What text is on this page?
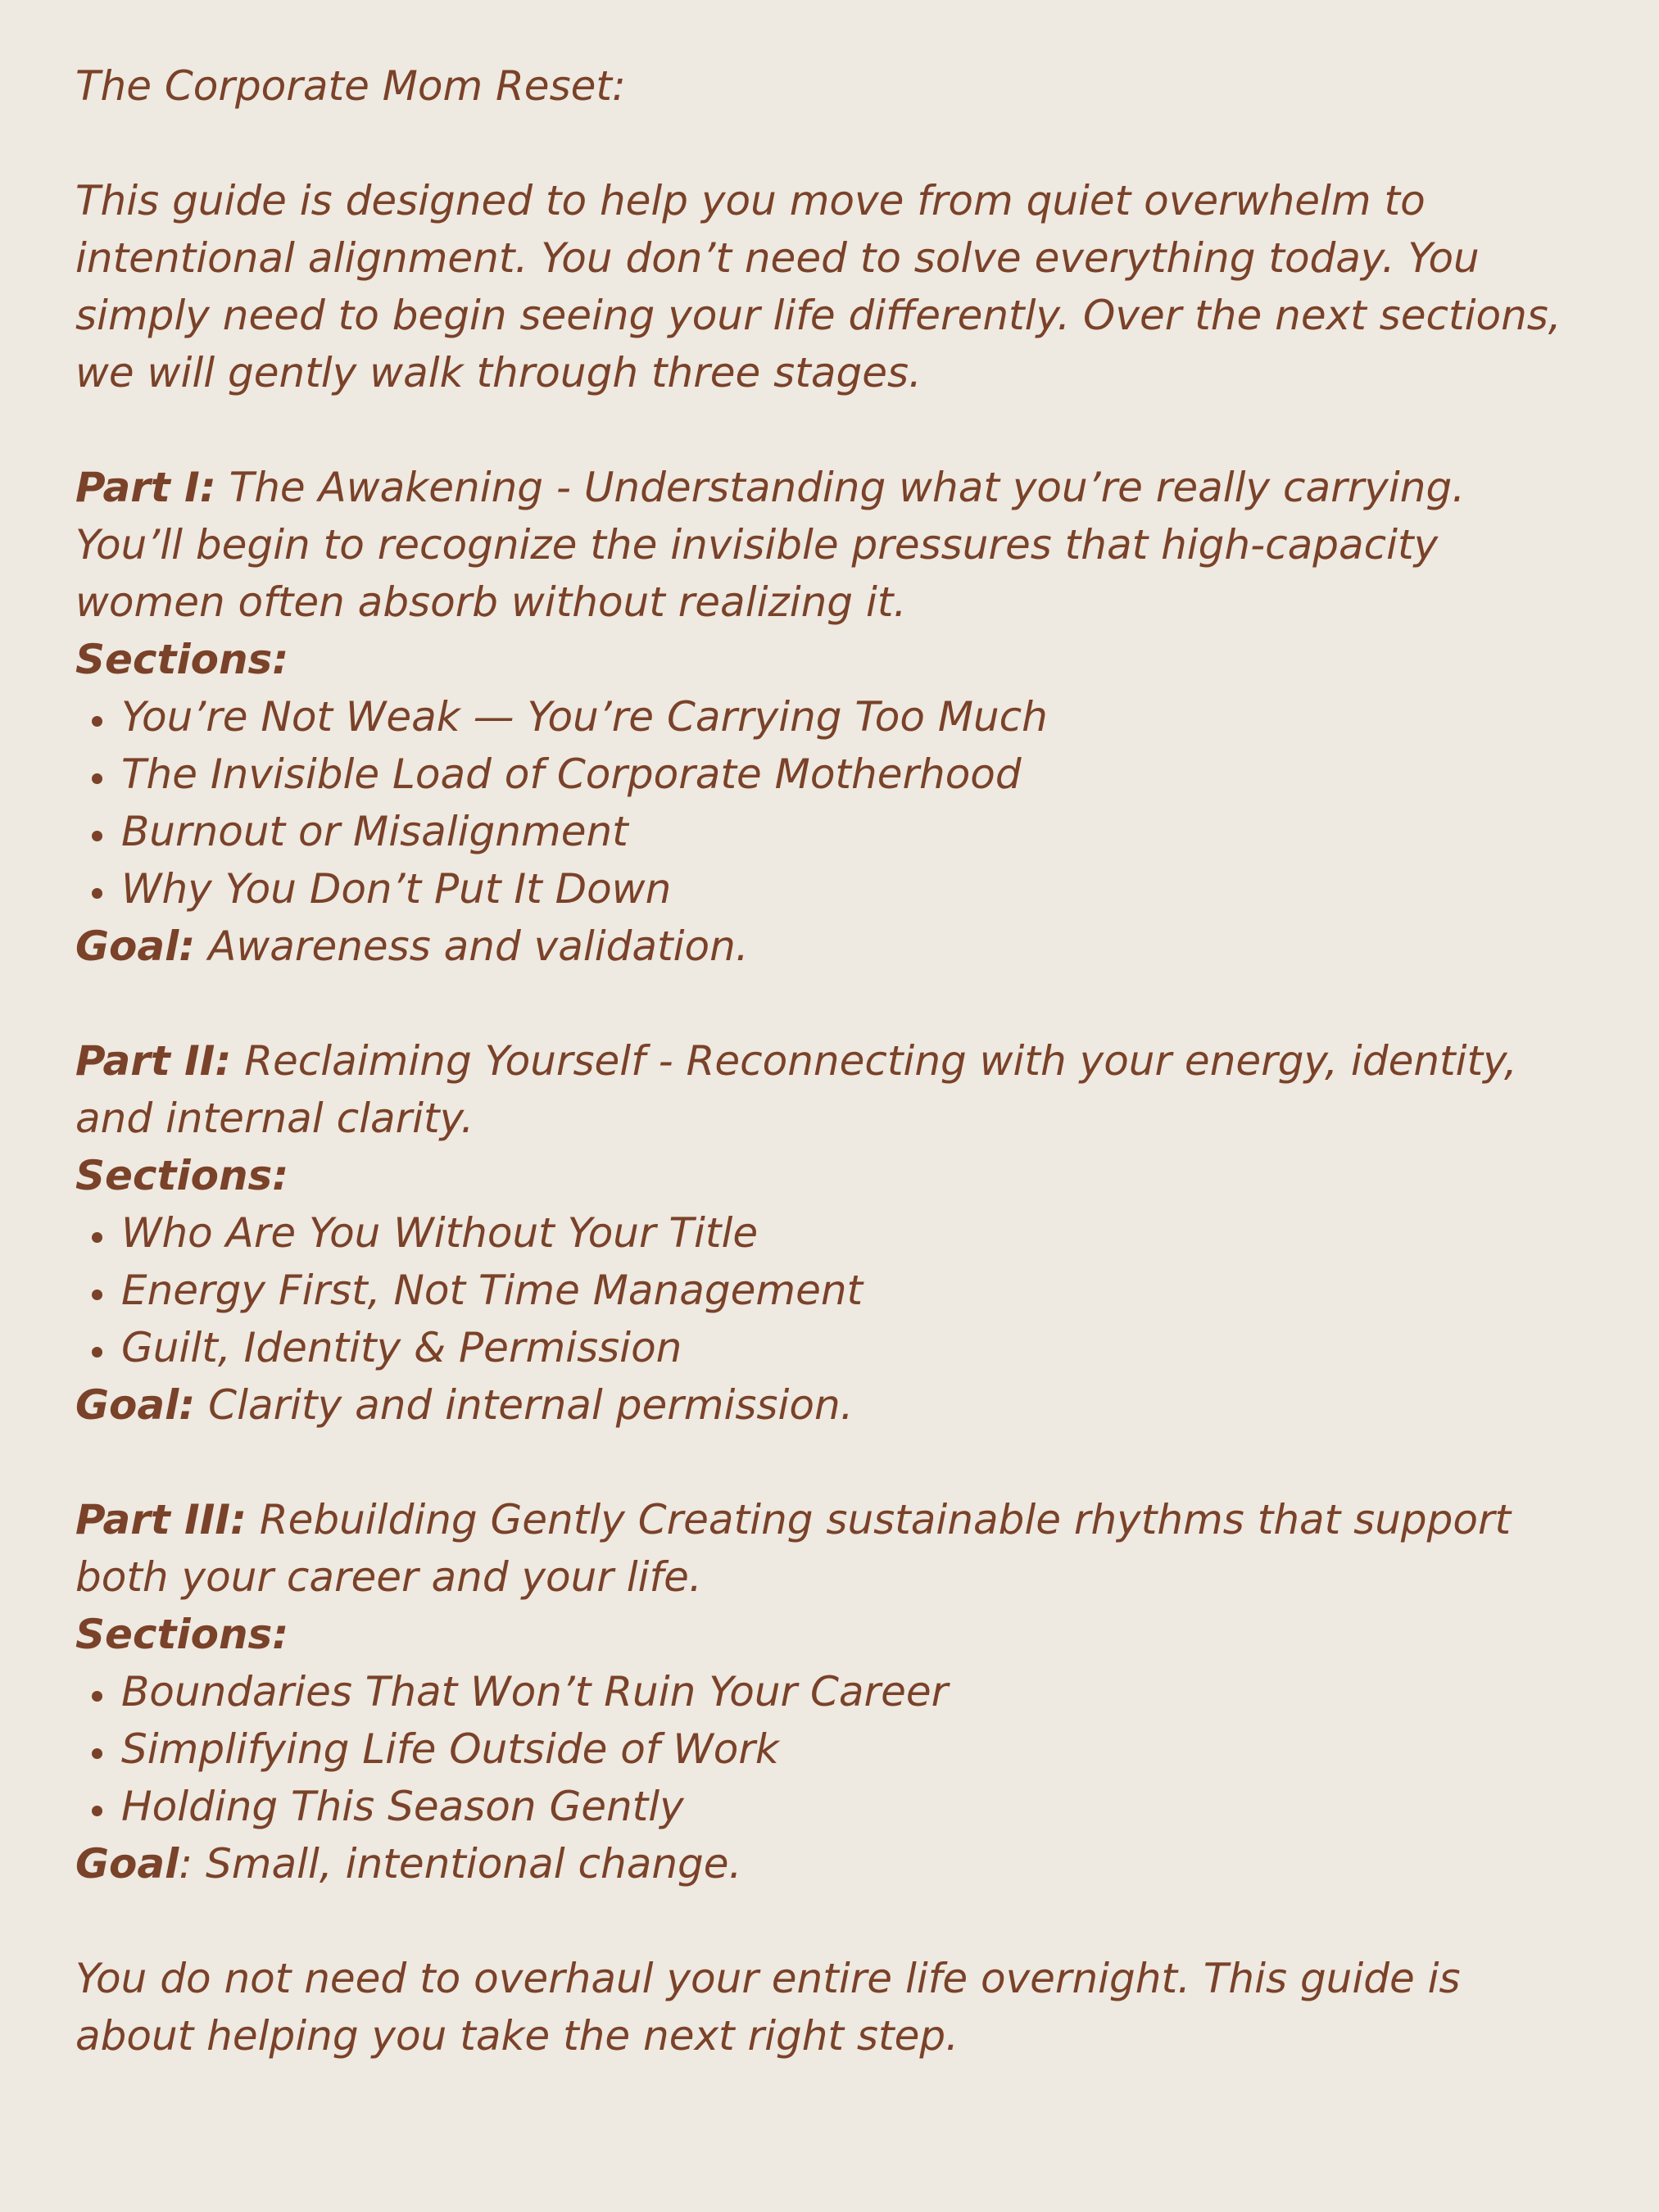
The Corporate Mom Reset:

This guide is designed to help you move from quiet overwhelm to
intentional alignment. You don’t need to solve everything today. You
simply need to begin seeing your life differently. Over the next sections,
we will gently walk through three stages.

Part I: The Awakening - Understanding what you’re really carrying.
You’ll begin to recognize the invisible pressures that high-capacity
women often absorb without realizing it.

Sections:

You’re Not Weak — You’re Carrying Too Much
The Invisible Load of Corporate Motherhood
Burnout or Misalignment
Why You Don’t Put It Down

Goal: Awareness and validation.

Part II: Reclaiming Yourself - Reconnecting with your energy, identity,
and internal clarity.

Sections:

Who Are You Without Your Title
Energy First, Not Time Management
Guilt, Identity & Permission

Goal: Clarity and internal permission.

Part III: Rebuilding Gently Creating sustainable rhythms that support
both your career and your life.

Sections:

Boundaries That Won’t Ruin Your Career
Simplifying Life Outside of Work
Holding This Season Gently

Goal: Small, intentional change.

You do not need to overhaul your entire life overnight. This guide is
about helping you take the next right step.
